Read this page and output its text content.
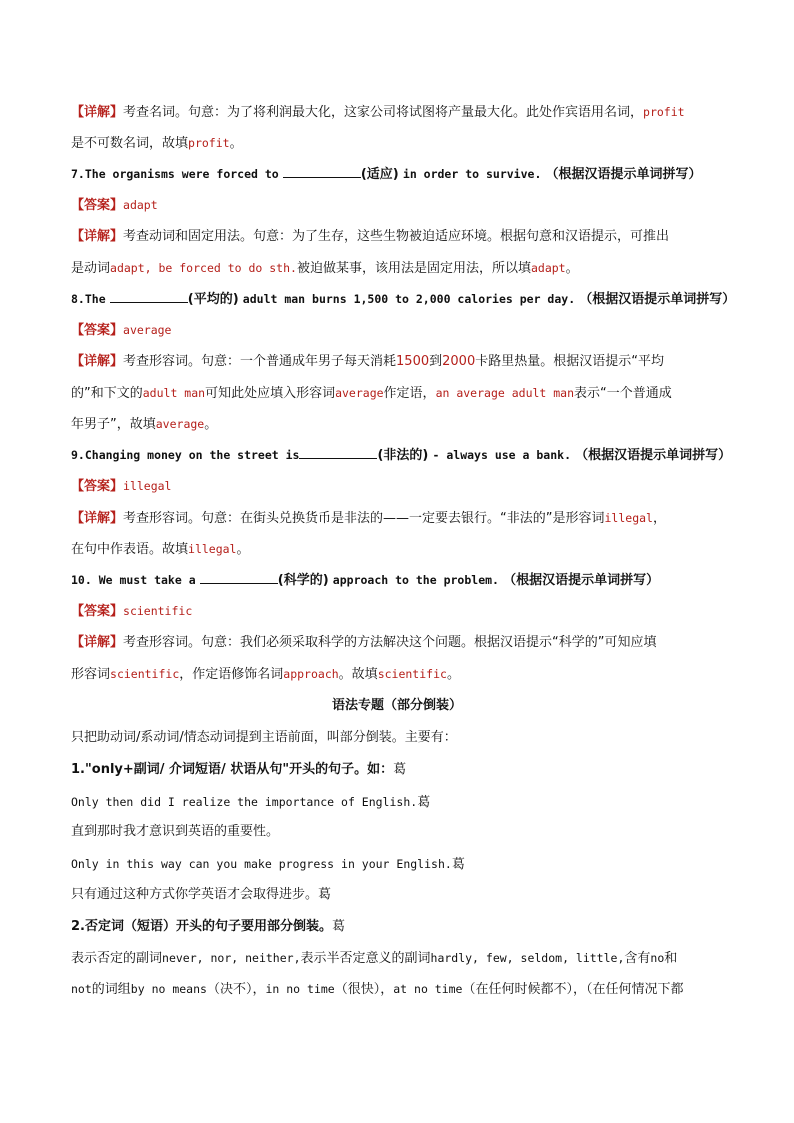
【详解】考查名词。句意：为了将利润最大化，这家公司将试图将产量最大化。此处作宾语用名词，profit
是不可数名词，故填profit。
7.The organisms were forced to	(适应) in order to survive. （根据汉语提示单词拼写）
【答案】adapt
【详解】考查动词和固定用法。句意：为了生存，这些生物被迫适应环境。根据句意和汉语提示，可推出
是动词adapt, be forced to do sth.被迫做某事，该用法是固定用法，所以填adapt。
8.The	(平均的) adult man burns 1,500 to 2,000 calories per day. （根据汉语提示单词拼写）
【答案】average
【详解】考查形容词。句意：一个普通成年男子每天消耗1500到2000卡路里热量。根据汉语提示“平均
的”和下文的adult man可知此处应填入形容词average作定语，an average adult man表示“一个普通成
年男子”，故填average。
9.Changing money on the street is	(非法的) - always use a bank. （根据汉语提示单词拼写）
【答案】illegal
【详解】考查形容词。句意：在街头兑换货币是非法的——一定要去银行。“非法的”是形容词illegal，
在句中作表语。故填illegal。
10. We must take a	(科学的) approach to the problem. （根据汉语提示单词拼写）
【答案】scientific
【详解】考查形容词。句意：我们必须采取科学的方法解决这个问题。根据汉语提示“科学的”可知应填
形容词scientific，作定语修饰名词approach。故填scientific。
语法专题（部分倒装）
只把助动词/系动词/情态动词提到主语前面，叫部分倒装。主要有：
1."only+副词/ 介词短语/ 状语从句"开头的句子。如：葛
Only then did I realize the importance of English.葛
直到那时我才意识到英语的重要性。
Only in this way can you make progress in your English.葛
只有通过这种方式你学英语才会取得进步。葛
2.否定词（短语）开头的句子要用部分倒装。葛
表示否定的副词never, nor, neither,表示半否定意义的副词hardly, few, seldom, little,含有no和
not的词组by no means（决不），in no time（很快），at no time（在任何时候都不），（在任何情况下都
